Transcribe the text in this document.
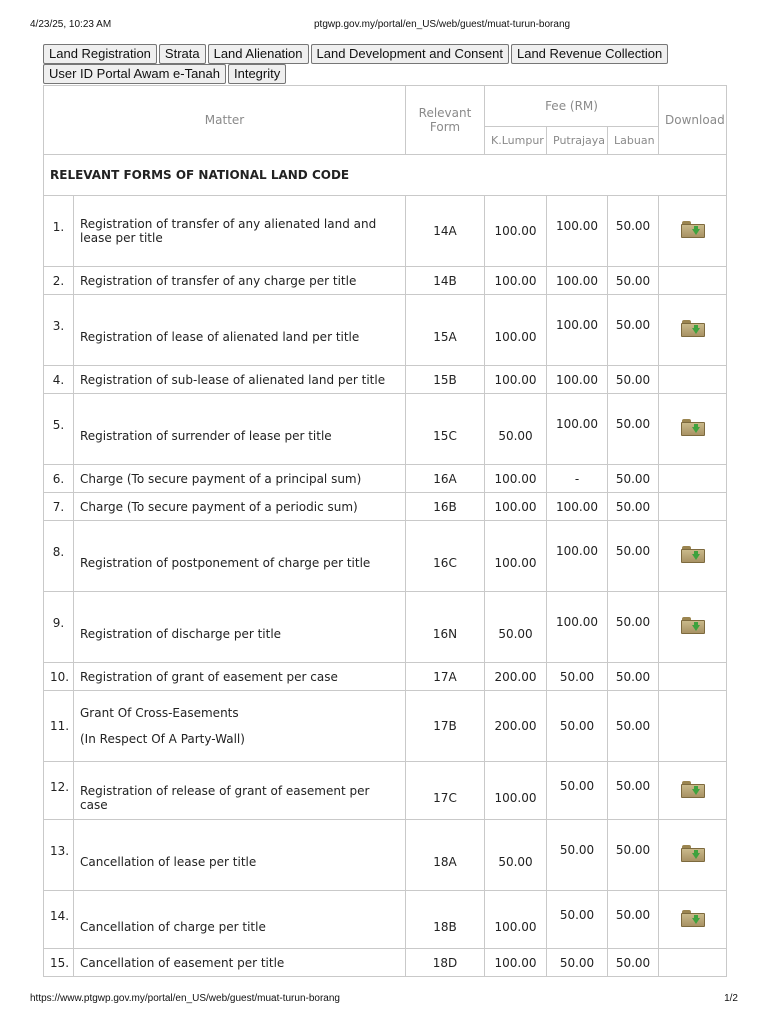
4/23/25, 10:23 AM	ptgwp.gov.my/portal/en_US/web/guest/muat-turun-borang
Land Registration Strata Land Alienation Land Development and Consent Land Revenue Collection
User ID Portal Awam e-Tanah Integrity
Matter		Relevant Form	Fee (RM)			Download
			K.Lumpur	Putrajaya	Labuan	
RELEVANT FORMS OF NATIONAL LAND CODE						
1.	Registration of transfer of any alienated land and lease per title	14A	100.00	100.00	50.00	

2.	Registration of transfer of any charge per title	14B	100.00	100.00	50.00	
3.	Registration of lease of alienated land per title	15A	100.00	100.00	50.00	

4.	Registration of sub-lease of alienated land per title	15B	100.00	100.00	50.00	
5.	Registration of surrender of lease per title	15C	50.00	100.00	50.00	

6.	Charge (To secure payment of a principal sum)	16A	100.00	-	50.00	
7.	Charge (To secure payment of a periodic sum)	16B	100.00	100.00	50.00	
8.	Registration of postponement of charge per title	16C	100.00	100.00	50.00	

9.	Registration of discharge per title	16N	50.00	100.00	50.00	

10.	Registration of grant of easement per case	17A	200.00	50.00	50.00	
11.	Grant Of Cross-Easements
(In Respect Of A Party-Wall)	17B	200.00	50.00	50.00	
12.	Registration of release of grant of easement per case	17C	100.00	50.00	50.00	

13.	Cancellation of lease per title	18A	50.00	50.00	50.00	

14.	Cancellation of charge per title	18B	100.00	50.00	50.00	

15.	Cancellation of easement per title	18D	100.00	50.00	50.00	
https://www.ptgwp.gov.my/portal/en_US/web/guest/muat-turun-borang	1/2
